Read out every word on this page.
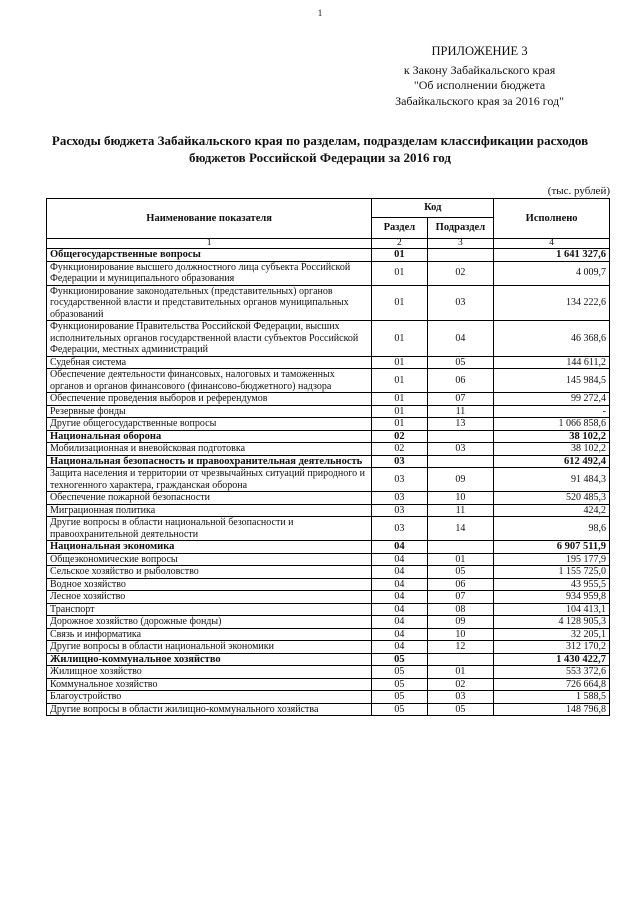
1
ПРИЛОЖЕНИЕ 3
к Закону Забайкальского края
"Об исполнении бюджета
Забайкальского края за 2016 год"
Расходы бюджета Забайкальского края по разделам, подразделам классификации расходов бюджетов Российской Федерации за 2016 год
(тыс. рублей)
Наименование показателя	Код		Исполнено
	Раздел	Подраздел	
1	2	3	4
Общегосударственные вопросы	01		1 641 327,6
Функционирование высшего должностного лица субъекта Российской Федерации и муниципального образования	01	02	4 009,7
Функционирование законодательных (представительных) органов государственной власти и представительных органов муниципальных образований	01	03	134 222,6
Функционирование Правительства Российской Федерации, высших исполнительных органов государственной власти субъектов Российской Федерации, местных администраций	01	04	46 368,6
Судебная система	01	05	144 611,2
Обеспечение деятельности финансовых, налоговых и таможенных органов и органов финансового (финансово-бюджетного) надзора	01	06	145 984,5
Обеспечение проведения выборов и референдумов	01	07	99 272,4
Резервные фонды	01	11	-
Другие общегосударственные вопросы	01	13	1 066 858,6
Национальная оборона	02		38 102,2
Мобилизационная и вневойсковая подготовка	02	03	38 102,2
Национальная безопасность и правоохранительная деятельность	03		612 492,4
Защита населения и территории от чрезвычайных ситуаций природного и техногенного характера, гражданская оборона	03	09	91 484,3
Обеспечение пожарной безопасности	03	10	520 485,3
Миграционная политика	03	11	424,2
Другие вопросы в области национальной безопасности и правоохранительной деятельности	03	14	98,6
Национальная экономика	04		6 907 511,9
Общеэкономические вопросы	04	01	195 177,9
Сельское хозяйство и рыболовство	04	05	1 155 725,0
Водное хозяйство	04	06	43 955,5
Лесное хозяйство	04	07	934 959,8
Транспорт	04	08	104 413,1
Дорожное хозяйство (дорожные фонды)	04	09	4 128 905,3
Связь и информатика	04	10	32 205,1
Другие вопросы в области национальной экономики	04	12	312 170,2
Жилищно-коммунальное хозяйство	05		1 430 422,7
Жилищное хозяйство	05	01	553 372,6
Коммунальное хозяйство	05	02	726 664,8
Благоустройство	05	03	1 588,5
Другие вопросы в области жилищно-коммунального хозяйства	05	05	148 796,8
